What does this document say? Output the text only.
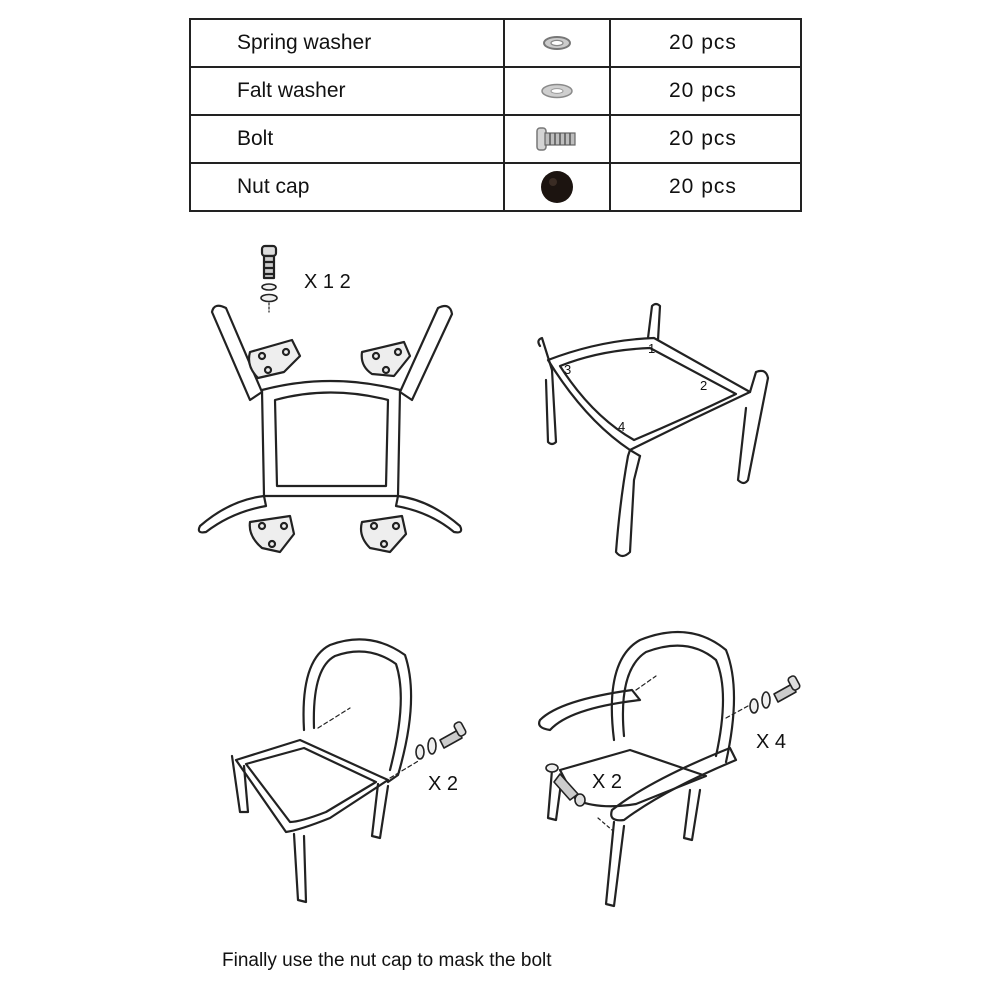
Spring washer		20 pcs
Falt washer		20 pcs
Bolt		20 pcs
Nut cap		20 pcs
X 1 2
1
2
3
4
X 2
X 4
X 2
Finally use the nut cap to mask the bolt
